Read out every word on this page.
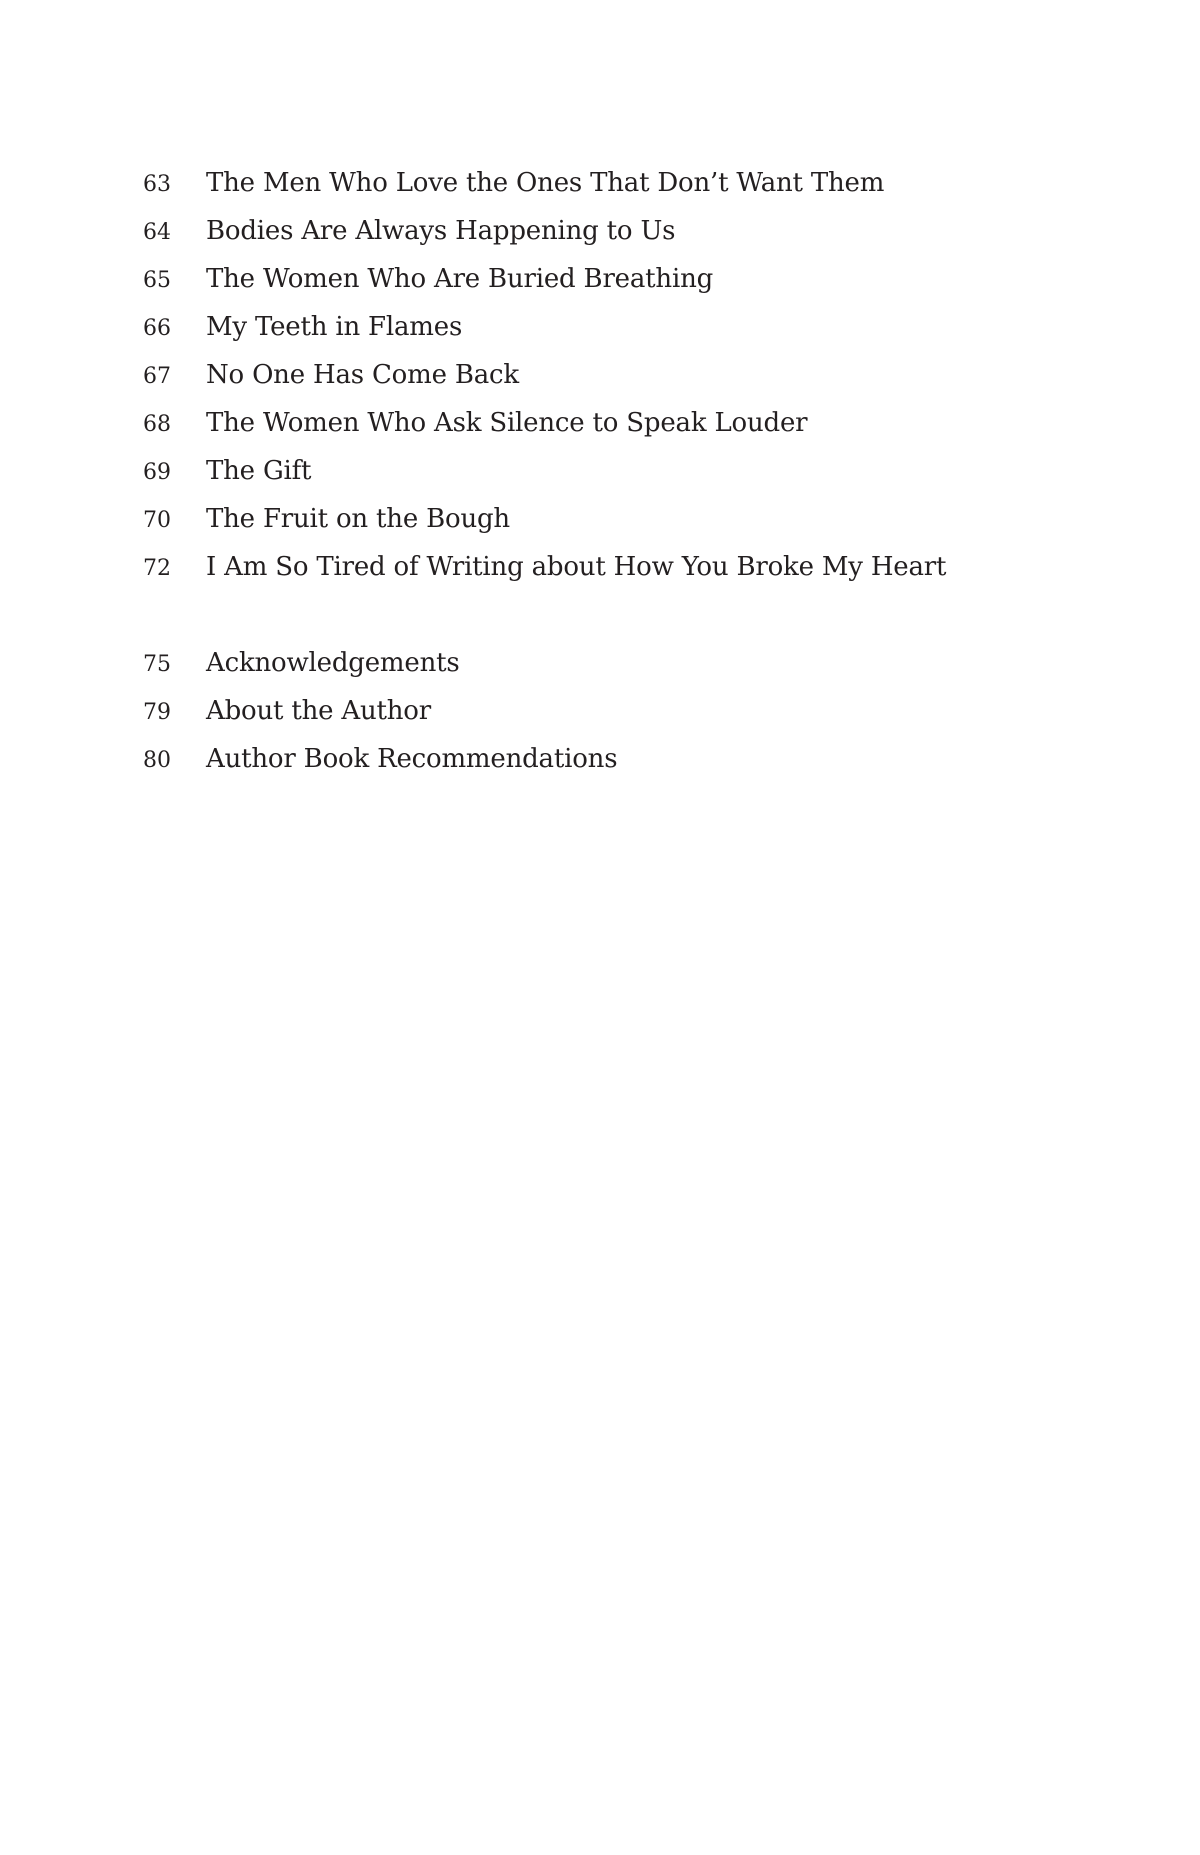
63	The Men Who Love the Ones That Don’t Want Them
64	Bodies Are Always Happening to Us
65	The Women Who Are Buried Breathing
66	My Teeth in Flames
67	No One Has Come Back
68	The Women Who Ask Silence to Speak Louder
69	The Gift
70	The Fruit on the Bough
72	I Am So Tired of Writing about How You Broke My Heart
75	Acknowledgements
79	About the Author
80	Author Book Recommendations
